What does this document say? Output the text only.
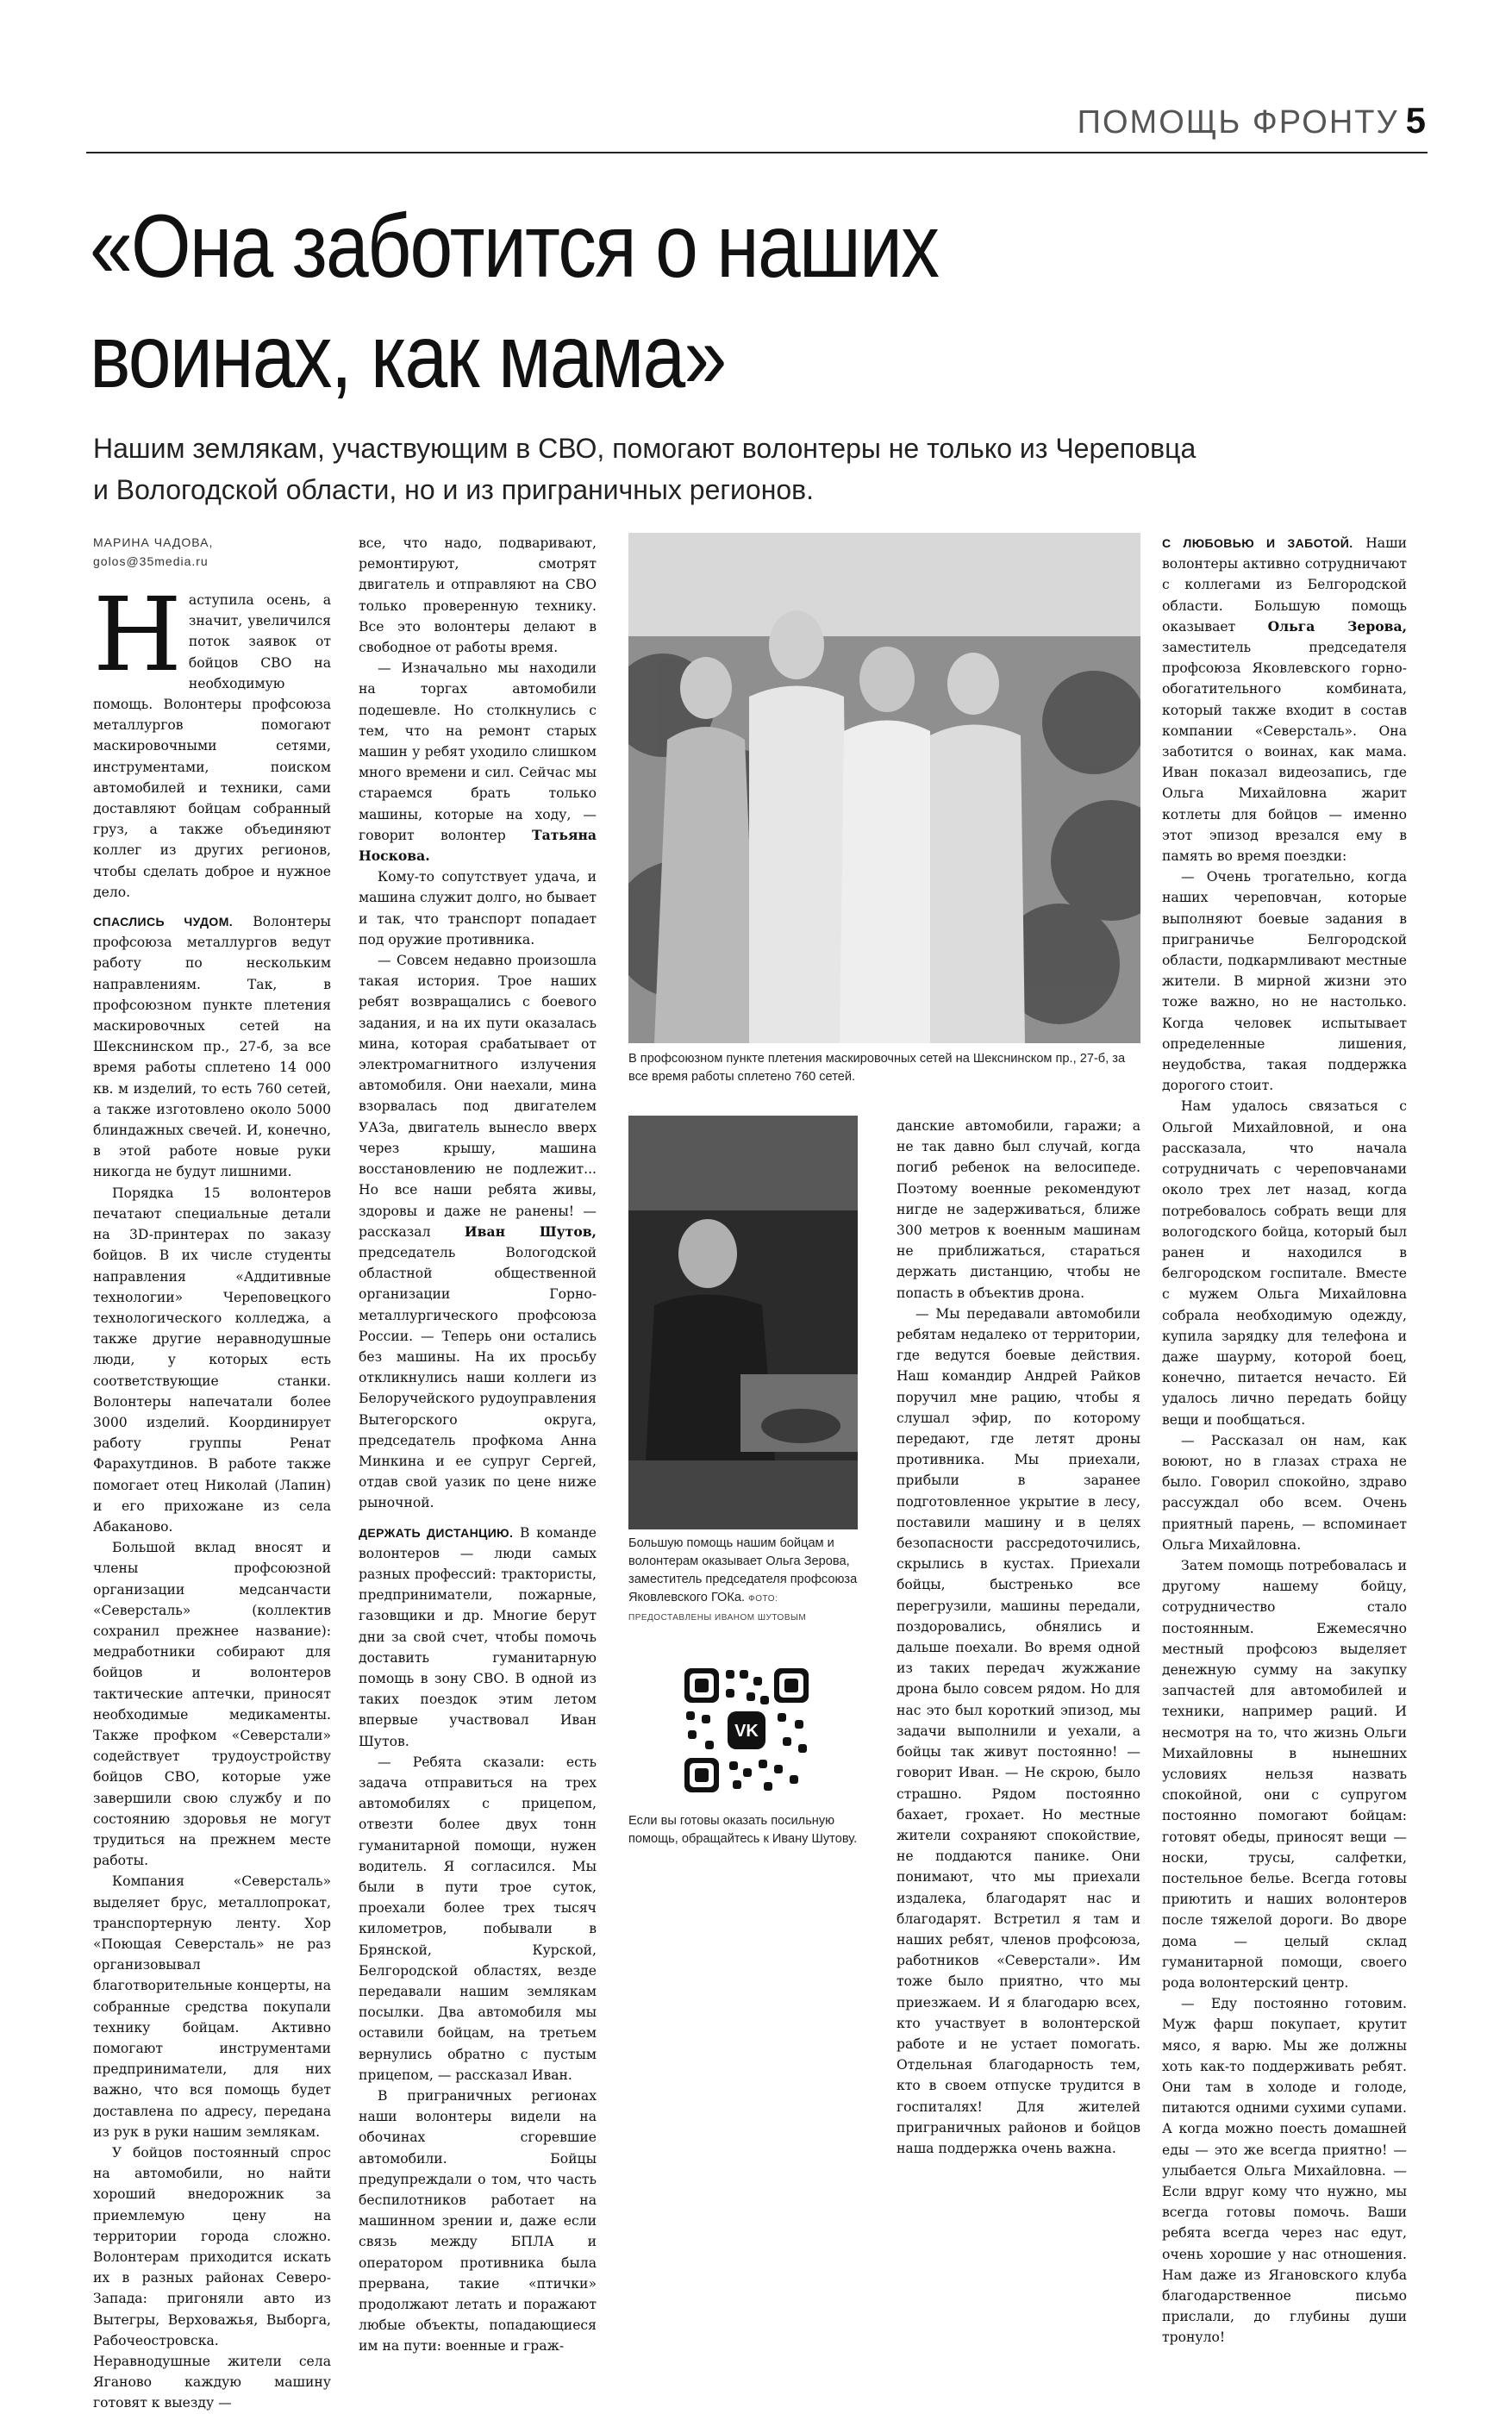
ПОМОЩЬ ФРОНТУ 5
«Она заботится о наших
воинах, как мама»
Нашим землякам, участвующим в СВО, помогают волонтеры не только из Череповца
и Вологодской области, но и из приграничных регионов.
МАРИНА ЧАДОВА,
golos@35media.ru

Наступила осень, а значит, увеличился поток заявок от бойцов СВО на необходимую помощь. Волонтеры профсоюза металлургов помогают маскировочными сетями, инструментами, поиском автомобилей и техники, сами доставляют бойцам собранный груз, а также объединяют коллег из других регионов, чтобы сделать доброе и нужное дело.

СПАСЛИСЬ ЧУДОМ. Волонтеры профсоюза металлургов ведут работу по нескольким направлениям. Так, в профсоюзном пункте плетения маскировочных сетей на Шекснинском пр., 27-б, за все время работы сплетено 14 000 кв. м изделий, то есть 760 сетей, а также изготовлено около 5000 блиндажных свечей. И, конечно, в этой работе новые руки никогда не будут лишними.

Порядка 15 волонтеров печатают специальные детали на 3D-принтерах по заказу бойцов. В их числе студенты направления «Аддитивные технологии» Череповецкого технологического колледжа, а также другие неравнодушные люди, у которых есть соответствующие станки. Волонтеры напечатали более 3000 изделий. Координирует работу группы Ренат Фарахутдинов. В работе также помогает отец Николай (Лапин) и его прихожане из села Абаканово.

Большой вклад вносят и члены профсоюзной организации медсанчасти «Северсталь» (коллектив сохранил прежнее название): медработники собирают для бойцов и волонтеров тактические аптечки, приносят необходимые медикаменты. Также профком «Северстали» содействует трудоустройству бойцов СВО, которые уже завершили свою службу и по состоянию здоровья не могут трудиться на прежнем месте работы.

Компания «Северсталь» выделяет брус, металлопрокат, транспортерную ленту. Хор «Поющая Северсталь» не раз организовывал благотворительные концерты, на собранные средства покупали технику бойцам. Активно помогают инструментами предприниматели, для них важно, что вся помощь будет доставлена по адресу, передана из рук в руки нашим землякам.

У бойцов постоянный спрос на автомобили, но найти хороший внедорожник за приемлемую цену на территории города сложно. Волонтерам приходится искать их в разных районах Северо-Запада: пригоняли авто из Вытегры, Верховажья, Выборга, Рабочеостровска. Неравнодушные жители села Яганово каждую машину готовят к выезду —

все, что надо, подваривают, ремонтируют, смотрят двигатель и отправляют на СВО только проверенную технику. Все это волонтеры делают в свободное от работы время.

— Изначально мы находили на торгах автомобили подешевле. Но столкнулись с тем, что на ремонт старых машин у ребят уходило слишком много времени и сил. Сейчас мы стараемся брать только машины, которые на ходу, — говорит волонтер Татьяна Носкова.

Кому-то сопутствует удача, и машина служит долго, но бывает и так, что транспорт попадает под оружие противника.

— Совсем недавно произошла такая история. Трое наших ребят возвращались с боевого задания, и на их пути оказалась мина, которая срабатывает от электромагнитного излучения автомобиля. Они наехали, мина взорвалась под двигателем УАЗа, двигатель вынесло вверх через крышу, машина восстановлению не подлежит... Но все наши ребята живы, здоровы и даже не ранены! — рассказал	Иван Шутов, председатель Вологодской областной общественной организации Горно-металлургического профсоюза России. — Теперь они остались без машины. На их просьбу откликнулись наши коллеги из Белоручейского рудоуправления Вытегорского округа, председатель профкома Анна Минкина и ее супруг Сергей, отдав свой уазик по цене ниже рыночной.

ДЕРЖАТЬ ДИСТАНЦИЮ. В команде волонтеров — люди самых разных профессий: трактористы, предприниматели, пожарные, газовщики и др. Многие берут дни за свой счет, чтобы помочь доставить гуманитарную помощь в зону СВО. В одной из таких поездок этим летом впервые участвовал Иван Шутов.

— Ребята сказали: есть задача отправиться на трех автомобилях с прицепом, отвезти более двух тонн гуманитарной помощи, нужен водитель. Я согласился. Мы были в пути трое суток, проехали более трех тысяч километров, побывали в Брянской, Курской, Белгородской областях, везде передавали нашим землякам посылки. Два автомобиля мы оставили бойцам, на третьем вернулись обратно с пустым прицепом, — рассказал Иван.

В приграничных регионах наши волонтеры видели на обочинах сгоревшие автомобили. Бойцы предупреждали о том, что часть беспилотников работает на машинном зрении и, даже если связь между БПЛА и оператором противника была прервана, такие «птички» продолжают летать и поражают любые объекты, попадающиеся им на пути: военные и граж-

В профсоюзном пункте плетения маскировочных сетей на Шекснинском пр., 27-б, за все время работы сплетено 760 сетей.
Большую помощь нашим бойцам и волонтерам оказывает Ольга Зерова, заместитель председателя профсоюза Яковлевского ГОКа. ФОТО: ПРЕДОСТАВЛЕНЫ ИВАНОМ ШУТОВЫМ
VK
Если вы готовы оказать посильную помощь, обращайтесь к Ивану Шутову.

данские автомобили, гаражи; а не так давно был случай, когда погиб ребенок на велосипеде. Поэтому военные рекомендуют нигде не задерживаться, ближе 300 метров к военным машинам не приближаться, стараться держать дистанцию, чтобы не попасть в объектив дрона.

— Мы передавали автомобили ребятам недалеко от территории, где ведутся боевые действия. Наш командир Андрей Райков поручил мне рацию, чтобы я слушал эфир, по которому передают, где летят дроны противника. Мы приехали, прибыли в заранее подготовленное укрытие в лесу, поставили машину и в целях безопасности рассредоточились, скрылись в кустах. Приехали бойцы, быстренько все перегрузили, машины передали, поздоровались, обнялись и дальше поехали. Во время одной из таких передач жужжание дрона было совсем рядом. Но для нас это был короткий эпизод, мы задачи выполнили и уехали, а бойцы так живут постоянно! — говорит Иван. — Не скрою, было страшно. Рядом постоянно бахает, грохает. Но местные жители сохраняют спокойствие, не поддаются панике. Они понимают, что мы приехали издалека, благодарят нас и благодарят. Встретил я там и наших ребят, членов профсоюза, работников «Северстали». Им тоже было приятно, что мы приезжаем. И я благодарю всех, кто участвует в волонтерской работе и не устает помогать. Отдельная благодарность тем, кто в своем отпуске трудится в госпиталях! Для жителей приграничных районов и бойцов наша поддержка очень важна.

С ЛЮБОВЬЮ И ЗАБОТОЙ. Наши волонтеры активно сотрудничают с коллегами из Белгородской области. Большую помощь оказывает Ольга Зерова, заместитель председателя профсоюза Яковлевского горно-обогатительного комбината, который также входит в состав компании «Северсталь». Она заботится о воинах, как мама. Иван показал видеозапись, где Ольга Михайловна жарит котлеты для бойцов — именно этот эпизод врезался ему в память во время поездки:

— Очень трогательно, когда наших череповчан, которые выполняют боевые задания в приграничье Белгородской области, подкармливают местные жители. В мирной жизни это тоже важно, но не настолько. Когда человек испытывает определенные лишения, неудобства, такая поддержка дорогого стоит.

Нам удалось связаться с Ольгой Михайловной, и она рассказала, что начала сотрудничать с череповчанами около трех лет назад, когда потребовалось собрать вещи для вологодского бойца, который был ранен и находился в белгородском госпитале. Вместе с мужем Ольга Михайловна собрала необходимую одежду, купила зарядку для телефона и даже шаурму, которой боец, конечно, питается нечасто. Ей удалось лично передать бойцу вещи и пообщаться.

— Рассказал он нам, как воюют, но в глазах страха не было. Говорил спокойно, здраво рассуждал обо всем. Очень приятный парень, — вспоминает Ольга Михайловна.

Затем помощь потребовалась и другому нашему бойцу, сотрудничество стало постоянным. Ежемесячно местный профсоюз выделяет денежную сумму на закупку запчастей для автомобилей и техники, например раций. И несмотря на то, что жизнь Ольги Михайловны в нынешних условиях нельзя назвать спокойной, они с супругом постоянно помогают бойцам: готовят обеды, приносят вещи — носки, трусы, салфетки, постельное белье. Всегда готовы приютить и наших волонтеров после тяжелой дороги. Во дворе дома — целый склад гуманитарной помощи, своего рода волонтерский центр.

— Еду постоянно готовим. Муж фарш покупает, крутит мясо, я варю. Мы же должны хоть как-то поддерживать ребят. Они там в холоде и голоде, питаются одними сухими супами. А когда можно поесть домашней еды — это же всегда приятно! — улыбается Ольга Михайловна. — Если вдруг кому что нужно, мы всегда готовы помочь. Ваши ребята всегда через нас едут, очень хорошие у нас отношения. Нам даже из Ягановского клуба благодарственное письмо прислали, до глубины души тронуло!
